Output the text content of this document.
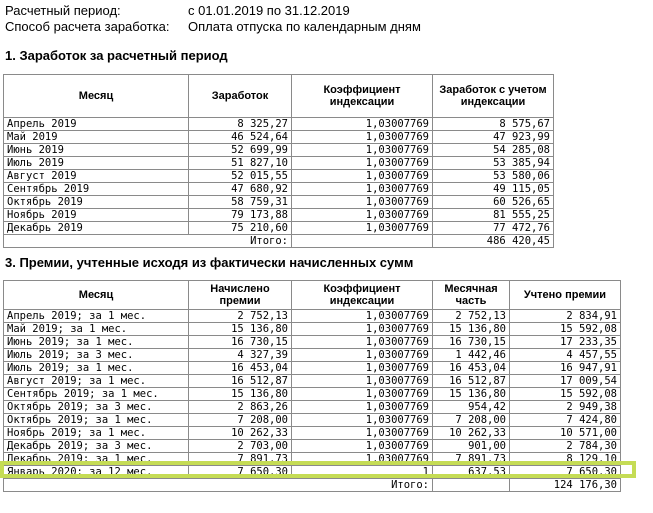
Расчетный период:	с 01.01.2019 по 31.12.2019
Способ расчета заработка: Оплата отпуска по календарным дням
1. Заработок за расчетный период
Месяц	Заработок	Коэффициент индексации	Заработок с учетом индексации
Апрель 2019	8 325,27	1,03007769	8 575,67
Май 2019	46 524,64	1,03007769	47 923,99
Июнь 2019	52 699,99	1,03007769	54 285,08
Июль 2019	51 827,10	1,03007769	53 385,94
Август 2019	52 015,55	1,03007769	53 580,06
Сентябрь 2019	47 680,92	1,03007769	49 115,05
Октябрь 2019	58 759,31	1,03007769	60 526,65
Ноябрь 2019	79 173,88	1,03007769	81 555,25
Декабрь 2019	75 210,60	1,03007769	77 472,76
Итого:			486 420,45
3. Премии, учтенные исходя из фактически начисленных сумм
Месяц	Начислено премии	Коэффициент индексации	Месячная часть	Учтено премии
Апрель 2019; за 1 мес.	2 752,13	1,03007769	2 752,13	2 834,91
Май 2019; за 1 мес.	15 136,80	1,03007769	15 136,80	15 592,08
Июнь 2019; за 1 мес.	16 730,15	1,03007769	16 730,15	17 233,35
Июль 2019; за 3 мес.	4 327,39	1,03007769	1 442,46	4 457,55
Июль 2019; за 1 мес.	16 453,04	1,03007769	16 453,04	16 947,91
Август 2019; за 1 мес.	16 512,87	1,03007769	16 512,87	17 009,54
Сентябрь 2019; за 1 мес.	15 136,80	1,03007769	15 136,80	15 592,08
Октябрь 2019; за 3 мес.	2 863,26	1,03007769	954,42	2 949,38
Октябрь 2019; за 1 мес.	7 208,00	1,03007769	7 208,00	7 424,80
Ноябрь 2019; за 1 мес.	10 262,33	1,03007769	10 262,33	10 571,00
Декабрь 2019; за 3 мес.	2 703,00	1,03007769	901,00	2 784,30
Декабрь 2019; за 1 мес.	7 891,73	1,03007769	7 891,73	8 129,10
Январь 2020; за 12 мес.	7 650,30	1	637,53	7 650,30
Итого:				124 176,30
